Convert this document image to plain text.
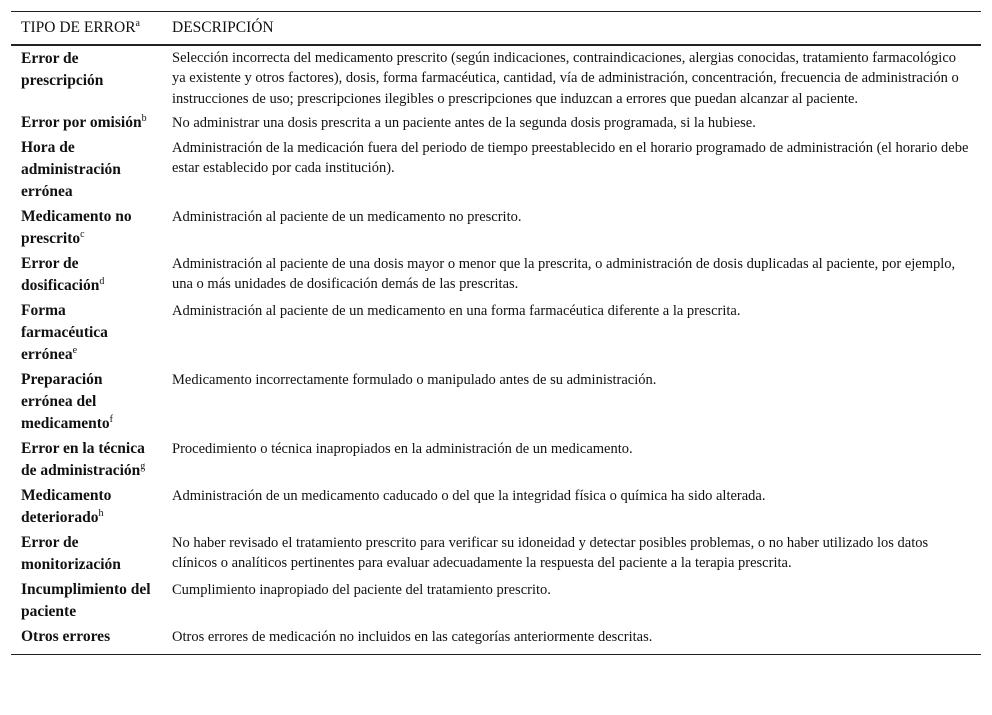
TIPO DE ERROR$^a$	DESCRIPCIÓN
Error de prescripción	Selección incorrecta del medicamento prescrito (según indicaciones, contraindicaciones, alergias conocidas, tratamiento farmacológico ya existente y otros factores), dosis, forma farmacéutica, cantidad, vía de administración, concentración, frecuencia de administración o instrucciones de uso; prescripciones ilegibles o prescripciones que induzcan a errores que puedan alcanzar al paciente.
Error por omisión$^b$	No administrar una dosis prescrita a un paciente antes de la segunda dosis programada, si la hubiese.
Hora de administración errónea	Administración de la medicación fuera del periodo de tiempo preestablecido en el horario programado de administración (el horario debe estar establecido por cada institución).
Medicamento no prescrito$^c$	Administración al paciente de un medicamento no prescrito.
Error de dosificación$^d$	Administración al paciente de una dosis mayor o menor que la prescrita, o administración de dosis duplicadas al paciente, por ejemplo, una o más unidades de dosificación demás de las prescritas.
Forma farmacéutica errónea$^e$	Administración al paciente de un medicamento en una forma farmacéutica diferente a la prescrita.
Preparación errónea del medicamento$^f$	Medicamento incorrectamente formulado o manipulado antes de su administración.
Error en la técnica de administración$^g$	Procedimiento o técnica inapropiados en la administración de un medicamento.
Medicamento deteriorado$^h$	Administración de un medicamento caducado o del que la integridad física o química ha sido alterada.
Error de monitorización	No haber revisado el tratamiento prescrito para verificar su idoneidad y detectar posibles problemas, o no haber utilizado los datos clínicos o analíticos pertinentes para evaluar adecuadamente la respuesta del paciente a la terapia prescrita.
Incumplimiento del paciente	Cumplimiento inapropiado del paciente del tratamiento prescrito.
Otros errores	Otros errores de medicación no incluidos en las categorías anteriormente descritas.
